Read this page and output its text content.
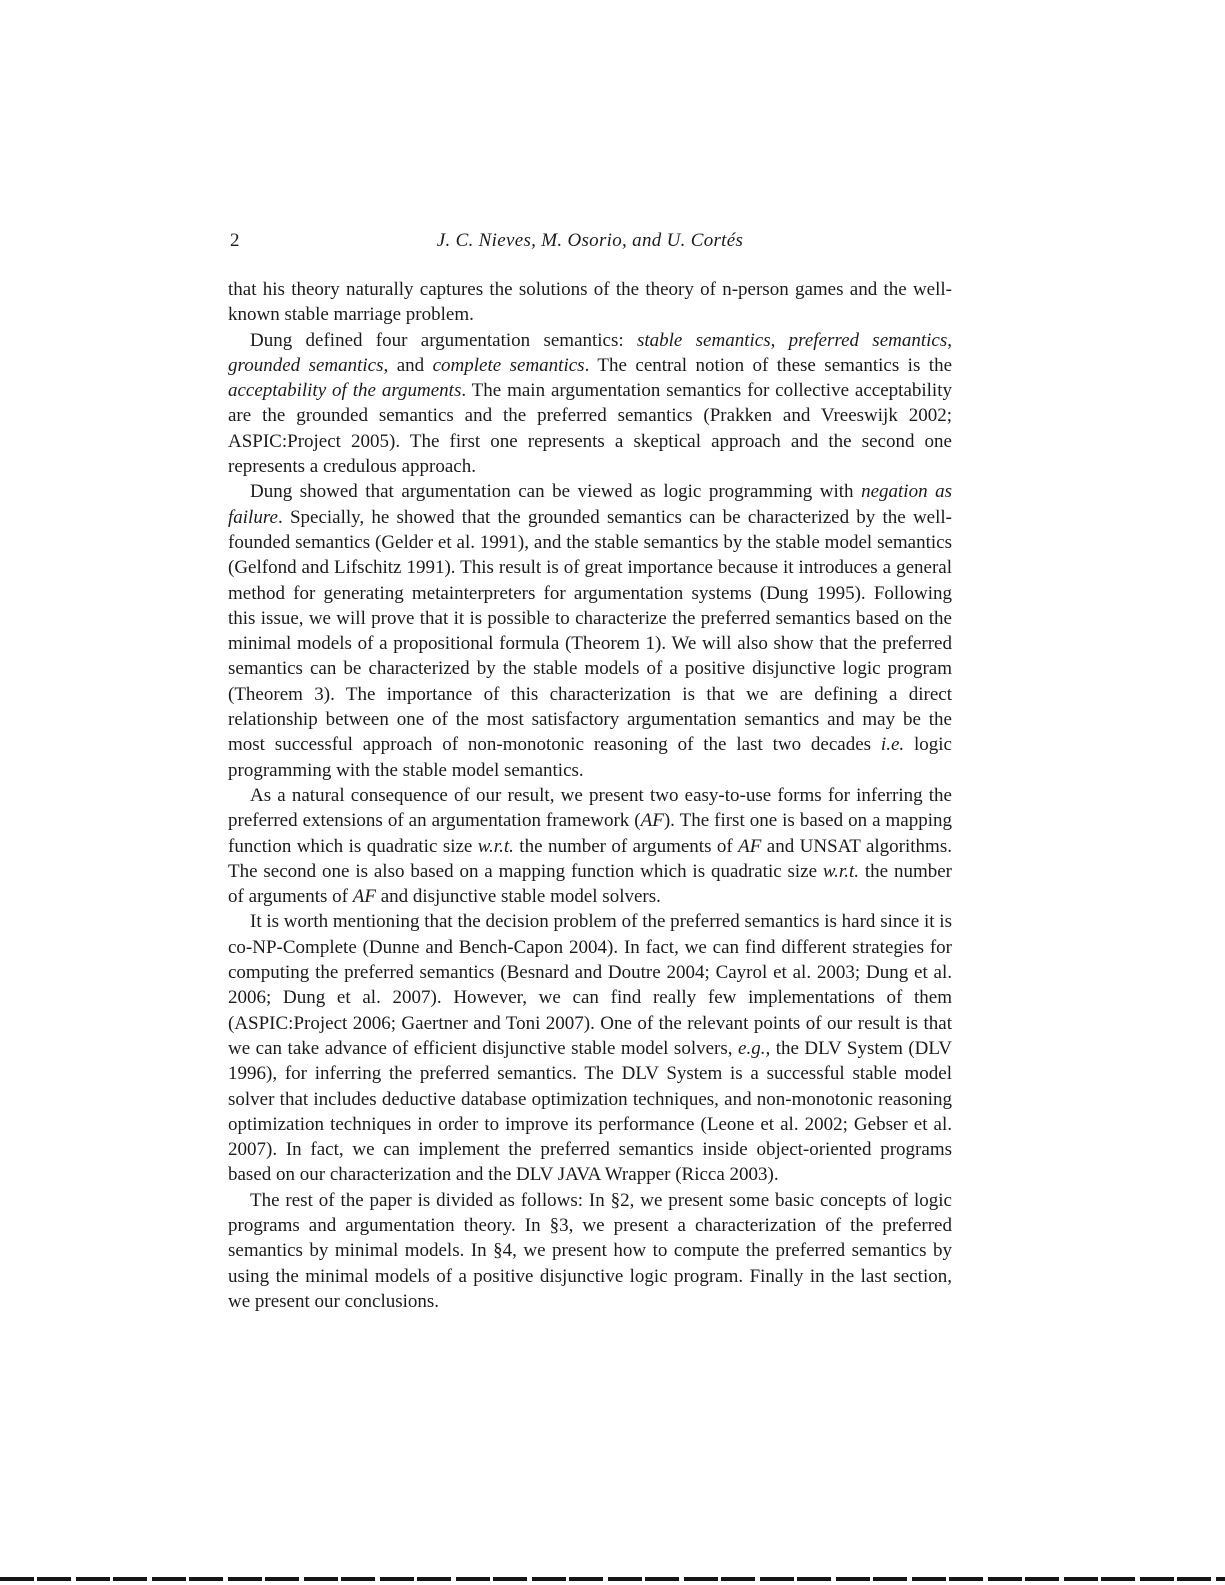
2	J. C. Nieves, M. Osorio, and U. Cortés

that his theory naturally captures the solutions of the theory of n-person games and the well-known stable marriage problem.

Dung defined four argumentation semantics: stable semantics, preferred semantics, grounded semantics, and complete semantics. The central notion of these semantics is the acceptability of the arguments. The main argumentation semantics for collective acceptability are the grounded semantics and the preferred semantics (Prakken and Vreeswijk 2002; ASPIC:Project 2005). The first one represents a skeptical approach and the second one represents a credulous approach.

Dung showed that argumentation can be viewed as logic programming with negation as failure. Specially, he showed that the grounded semantics can be characterized by the well-founded semantics (Gelder et al. 1991), and the stable semantics by the stable model semantics (Gelfond and Lifschitz 1991). This result is of great importance because it introduces a general method for generating metainterpreters for argumentation systems (Dung 1995). Following this issue, we will prove that it is possible to characterize the preferred semantics based on the minimal models of a propositional formula (Theorem 1). We will also show that the preferred semantics can be characterized by the stable models of a positive disjunctive logic program (Theorem 3). The importance of this characterization is that we are defining a direct relationship between one of the most satisfactory argumentation semantics and may be the most successful approach of non-monotonic reasoning of the last two decades i.e. logic programming with the stable model semantics.

As a natural consequence of our result, we present two easy-to-use forms for inferring the preferred extensions of an argumentation framework (AF). The first one is based on a mapping function which is quadratic size w.r.t. the number of arguments of AF and UNSAT algorithms. The second one is also based on a mapping function which is quadratic size w.r.t. the number of arguments of AF and disjunctive stable model solvers.

It is worth mentioning that the decision problem of the preferred semantics is hard since it is co-NP-Complete (Dunne and Bench-Capon 2004). In fact, we can find different strategies for computing the preferred semantics (Besnard and Doutre 2004; Cayrol et al. 2003; Dung et al. 2006; Dung et al. 2007). However, we can find really few implementations of them (ASPIC:Project 2006; Gaertner and Toni 2007). One of the relevant points of our result is that we can take advance of efficient disjunctive stable model solvers, e.g., the DLV System (DLV 1996), for inferring the preferred semantics. The DLV System is a successful stable model solver that includes deductive database optimization techniques, and non-monotonic reasoning optimization techniques in order to improve its performance (Leone et al. 2002; Gebser et al. 2007). In fact, we can implement the preferred semantics inside object-oriented programs based on our characterization and the DLV JAVA Wrapper (Ricca 2003).

The rest of the paper is divided as follows: In §2, we present some basic concepts of logic programs and argumentation theory. In §3, we present a characterization of the preferred semantics by minimal models. In §4, we present how to compute the preferred semantics by using the minimal models of a positive disjunctive logic program. Finally in the last section, we present our conclusions.
